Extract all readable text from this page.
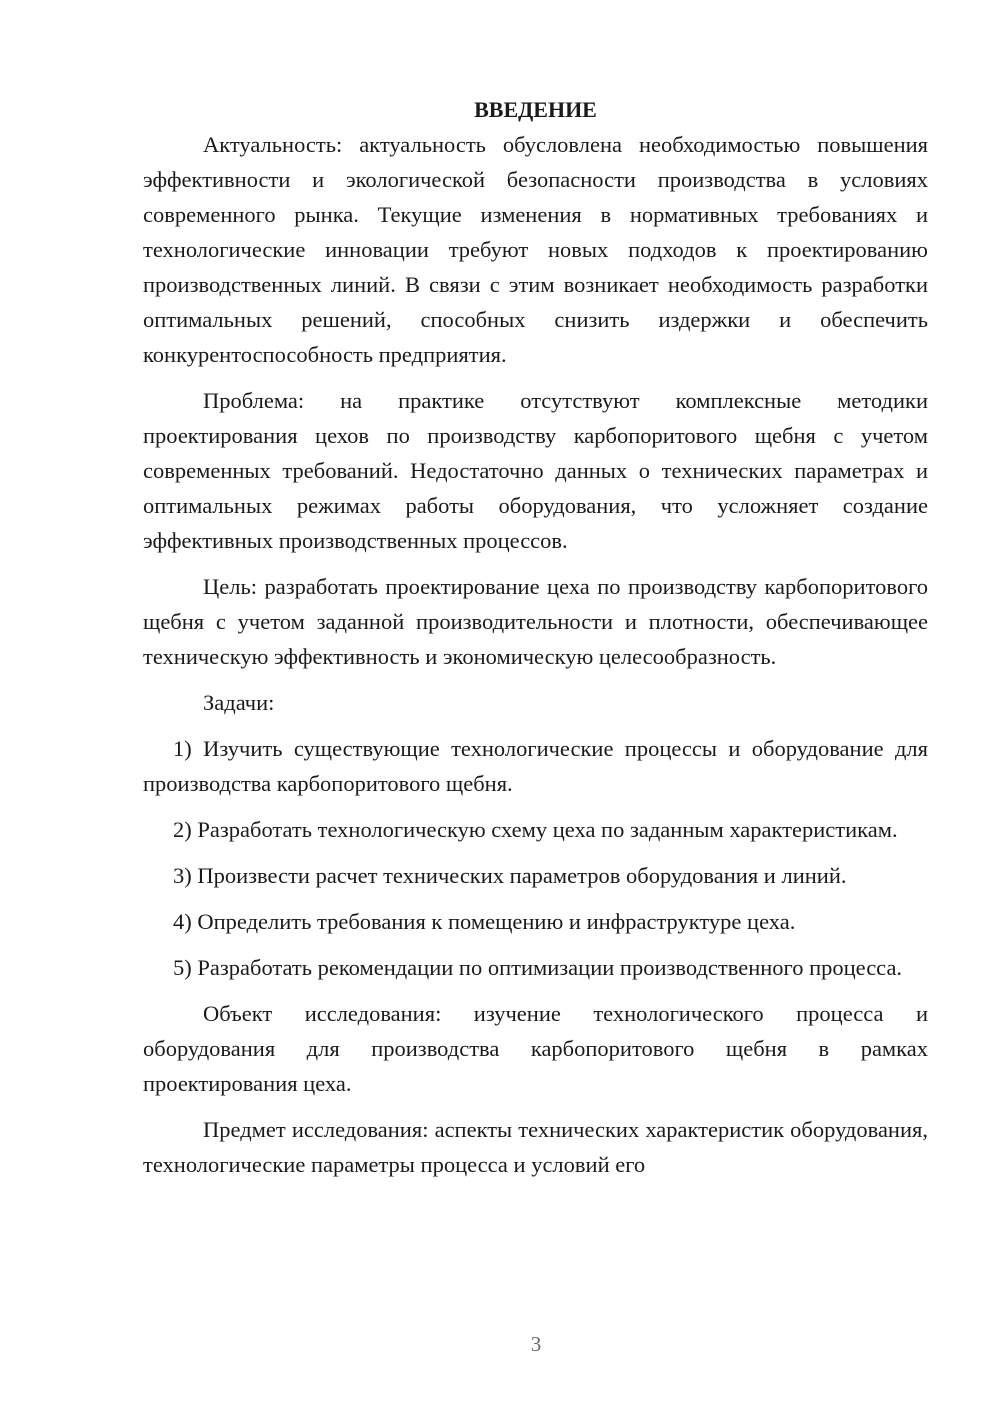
ВВЕДЕНИЕ

Актуальность: актуальность обусловлена необходимостью повышения эффективности и экологической безопасности производства в условиях современного рынка. Текущие изменения в нормативных требованиях и технологические инновации требуют новых подходов к проектированию производственных линий. В связи с этим возникает необходимость разработки оптимальных решений, способных снизить издержки и обеспечить конкурентоспособность предприятия.

Проблема: на практике отсутствуют комплексные методики проектирования цехов по производству карбопоритового щебня с учетом современных требований. Недостаточно данных о технических параметрах и оптимальных режимах работы оборудования, что усложняет создание эффективных производственных процессов.

Цель: разработать проектирование цеха по производству карбопоритового щебня с учетом заданной производительности и плотности, обеспечивающее техническую эффективность и экономическую целесообразность.

Задачи:

1) Изучить существующие технологические процессы и оборудование для производства карбопоритового щебня.

2) Разработать технологическую схему цеха по заданным характеристикам.

3) Произвести расчет технических параметров оборудования и линий.

4) Определить требования к помещению и инфраструктуре цеха.

5) Разработать рекомендации по оптимизации производственного процесса.

Объект исследования: изучение технологического процесса и оборудования для производства карбопоритового щебня в рамках проектирования цеха.

Предмет исследования: аспекты технических характеристик оборудования, технологические параметры процесса и условий его

3
